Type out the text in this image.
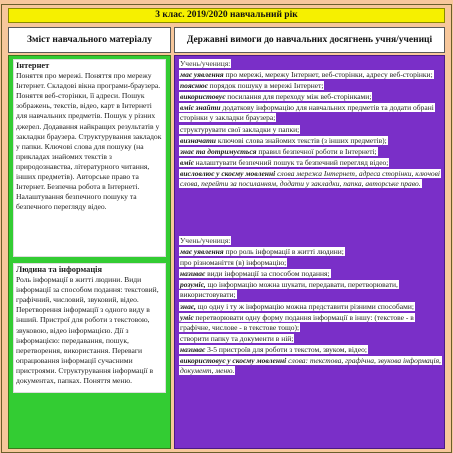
3 клас. 2019/2020 навчальний рік
Зміст навчального матеріалу	Державні вимоги до навчальних досягнень учня/учениці
Інтернет
Поняття про мережі. Поняття про мережу Інтернет. Складові вікна програми-браузера. Поняття веб-сторінки, її адреси. Пошук зображень, текстів, відео, карт в Інтернеті для навчальних предметів. Пошук у різних джерел. Додавання найкращих результатів у закладки браузера. Структурування закладок у папки. Ключові слова для пошуку (на прикладах знайомих текстів з природознавства, літературного читання, інших предметів). Авторське право та Інтернет. Безпечна робота в Інтернеті. Налаштування безпечного пошуку та безпечного перегляду відео.
Людина та інформація
Роль інформації в житті людини. Види інформації за способом подання: текстовий, графічний, числовий, звуковий, відео. Перетворення інформації з одного виду в інший. Пристрої для роботи з текстовою, звуковою, відео інформацією. Дії з інформацією: передавання, пошук, перетворення, використання. Переваги опрацювання інформації сучасними пристроями. Структурування інформації в документах, папках. Поняття меню.

Учень/учениця:

має уявлення про мережі, мережу Інтернет, веб-сторінки, адресу веб-сторінки;

пояснює порядок пошуку в мережі Інтернет;

використовує посилання для переходу між веб-сторінками;

вміє знайти додаткову інформацію для навчальних предметів та додати обрані сторінки у закладки браузера;

структурувати свої закладки у папки;

визначати ключові слова знайомих текстів (з інших предметів);

знає та дотримується правил безпечної роботи в Інтернеті;

вміє налаштувати безпечний пошук та безпечний перегляд відео;

висловлює у скоєму мовленні слова мережа Інтернет, адреса сторінки, ключові слова, перейти за посиланням, додати у закладки, папка, авторське право.

Учень/учениця:

має уявлення про роль інформації в житті людини;

про різноманіття (в) інформацію;

називає види інформації за способом подання;

розуміє, що інформацію можна шукати, передавати, перетворювати, використовувати;

знає, що одну і ту ж інформацію можна представити різними способами;

уміє перетворювати одну форму подання інформації в іншу: (текстове - в графічне, числове - в текстове тощо);

створити папку та документи в ній;

називає 3-5 пристроїв для роботи з текстом, звуком, відео;

використовує у скоєму мовленні слова: текстова, графічна, звукова інформація, документ, меню.
